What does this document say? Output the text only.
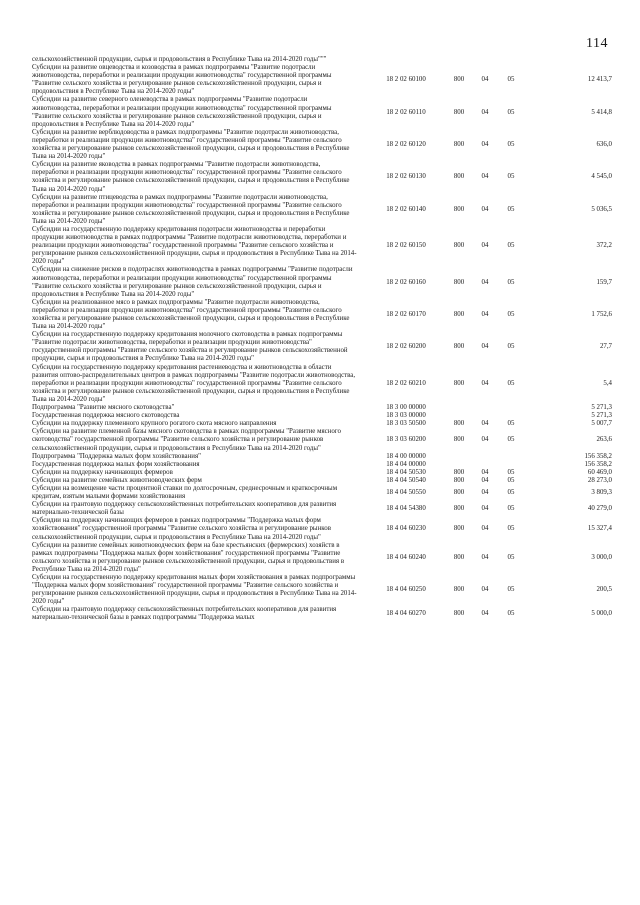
114
сельскохозяйственной продукции, сырья и продовольствия в Республике Тыва на 2014-2020 годы"""
Субсидии на развитие овцеводства и козоводства в рамках подпрограммы "Развитие подотрасли животноводства, переработки и реализации продукции животноводства" государственной программы "Развитие сельского хозяйства и регулирование рынков сельскохозяйственной продукции, сырья и продовольствия в Республике Тыва на 2014-2020 годы"
18 2 02 60100	800	04	05	12 413,7
Субсидии на развитие северного оленеводства в рамках подпрограммы "Развитие подотрасли животноводства, переработки и реализации продукции животноводства" государственной программы "Развитие сельского хозяйства и регулирование рынков сельскохозяйственной продукции, сырья и продовольствия в Республике Тыва на 2014-2020 годы"
18 2 02 60110	800	04	05	5 414,8
Субсидии на развитие верблюдоводства в рамках подпрограммы "Развитие подотрасли животноводства, переработки и реализации продукции животноводства" государственной программы "Развитие сельского хозяйства и регулирование рынков сельскохозяйственной продукции, сырья и продовольствия в Республике Тыва на 2014-2020 годы"
18 2 02 60120	800	04	05	636,0
Субсидии на развитие яководства в рамках подпрограммы "Развитие подотрасли животноводства, переработки и реализации продукции животноводства" государственной программы "Развитие сельского хозяйства и регулирование рынков сельскохозяйственной продукции, сырья и продовольствия в Республике Тыва на 2014-2020 годы"
18 2 02 60130	800	04	05	4 545,0
Субсидии на развитие птицеводства в рамках подпрограммы "Развитие подотрасли животноводства, переработки и реализации продукции животноводства" государственной программы "Развитие сельского хозяйства и регулирование рынков сельскохозяйственной продукции, сырья и продовольствия в Республике Тыва на 2014-2020 годы"
18 2 02 60140	800	04	05	5 036,5
Субсидии на государственную поддержку кредитования подотрасли животноводства и переработки продукции животноводства в рамках подпрограммы "Развитие подотрасли животноводства, переработки и реализации продукции животноводства" государственной программы "Развитие сельского хозяйства и регулирование рынков сельскохозяйственной продукции, сырья и продовольствия в Республике Тыва на 2014-2020 годы"
18 2 02 60150	800	04	05	372,2
Субсидии на снижение рисков в подотраслях животноводства в рамках подпрограммы "Развитие подотрасли животноводства, переработки и реализации продукции животноводства" государственной программы "Развитие сельского хозяйства и регулирование рынков сельскохозяйственной продукции, сырья и продовольствия в Республике Тыва на 2014-2020 годы"
18 2 02 60160	800	04	05	159,7
Субсидии на реализованное мясо в рамках подпрограммы "Развитие подотрасли животноводства, переработки и реализации продукции животноводства" государственной программы "Развитие сельского хозяйства и регулирование рынков сельскохозяйственной продукции, сырья и продовольствия в Республике Тыва на 2014-2020 годы"
18 2 02 60170	800	04	05	1 752,6
Субсидии на государственную поддержку кредитования молочного скотоводства в рамках подпрограммы "Развитие подотрасли животноводства, переработки и реализации продукции животноводства" государственной программы "Развитие сельского хозяйства и регулирование рынков сельскохозяйственной продукции, сырья и продовольствия в Республике Тыва на 2014-2020 годы"
18 2 02 60200	800	04	05	27,7
Субсидии на государственную поддержку кредитования растениеводства и животноводства в области развития оптово-распределительных центров в рамках подпрограммы "Развитие подотрасли животноводства, переработки и реализации продукции животноводства" государственной программы "Развитие сельского хозяйства и регулирование рынков сельскохозяйственной продукции, сырья и продовольствия в Республике Тыва на 2014-2020 годы"
18 2 02 60210	800	04	05	5,4
Подпрограмма "Развитие мясного скотоводства"	18 3 00 00000	5 271,3
Государственная поддержка мясного скотоводства	18 3 03 00000	5 271,3
Субсидии на поддержку племенного крупного рогатого скота мясного направления	18 3 03 50500	800	04	05	5 007,7
Субсидии на развитие племенной базы мясного скотоводства в рамках подпрограммы "Развитие мясного скотоводства" государственной программы "Развитие сельского хозяйства и регулирование рынков сельскохозяйственной продукции, сырья и продовольствия в Республике Тыва на 2014-2020 годы"
18 3 03 60200	800	04	05	263,6
Подпрограмма "Поддержка малых форм хозяйствования"	18 4 00 00000	156 358,2
Государственная поддержка малых форм хозяйствования	18 4 04 00000	156 358,2
Субсидии на поддержку начинающих фермеров	18 4 04 50530	800	04	05	60 469,0
Субсидии на развитие семейных животноводческих ферм	18 4 04 50540	800	04	05	28 273,0
Субсидии на возмещение части процентной ставки по долгосрочным, среднесрочным и краткосрочным кредитам, взятым малыми формами хозяйствования
18 4 04 50550	800	04	05	3 809,3
Субсидии на грантовую поддержку сельскохозяйственных потребительских кооперативов для развития материально-технической базы
18 4 04 54380	800	04	05	40 279,0
Субсидии на поддержку начинающих фермеров в рамках подпрограммы "Поддержка малых форм хозяйствования" государственной программы "Развитие сельского хозяйства и регулирование рынков сельскохозяйственной продукции, сырья и продовольствия в Республике Тыва на 2014-2020 годы"
18 4 04 60230	800	04	05	15 327,4
Субсидии на развитие семейных животноводческих ферм на базе крестьянских (фермерских) хозяйств в рамках подпрограммы "Поддержка малых форм хозяйствования" государственной программы "Развитие сельского хозяйства и регулирование рынков сельскохозяйственной продукции, сырья и продовольствия в Республике Тыва на 2014-2020 годы"
18 4 04 60240	800	04	05	3 000,0
Субсидии на государственную поддержку кредитования малых форм хозяйствования в рамках подпрограммы "Поддержка малых форм хозяйствования" государственной программы "Развитие сельского хозяйства и регулирование рынков сельскохозяйственной продукции, сырья и продовольствия в Республике Тыва на 2014-2020 годы"
18 4 04 60250	800	04	05	200,5
Субсидии на грантовую поддержку сельскохозяйственных потребительских кооперативов для развития материально-технической базы в рамках подпрограммы "Поддержка малых
18 4 04 60270	800	04	05	5 000,0
